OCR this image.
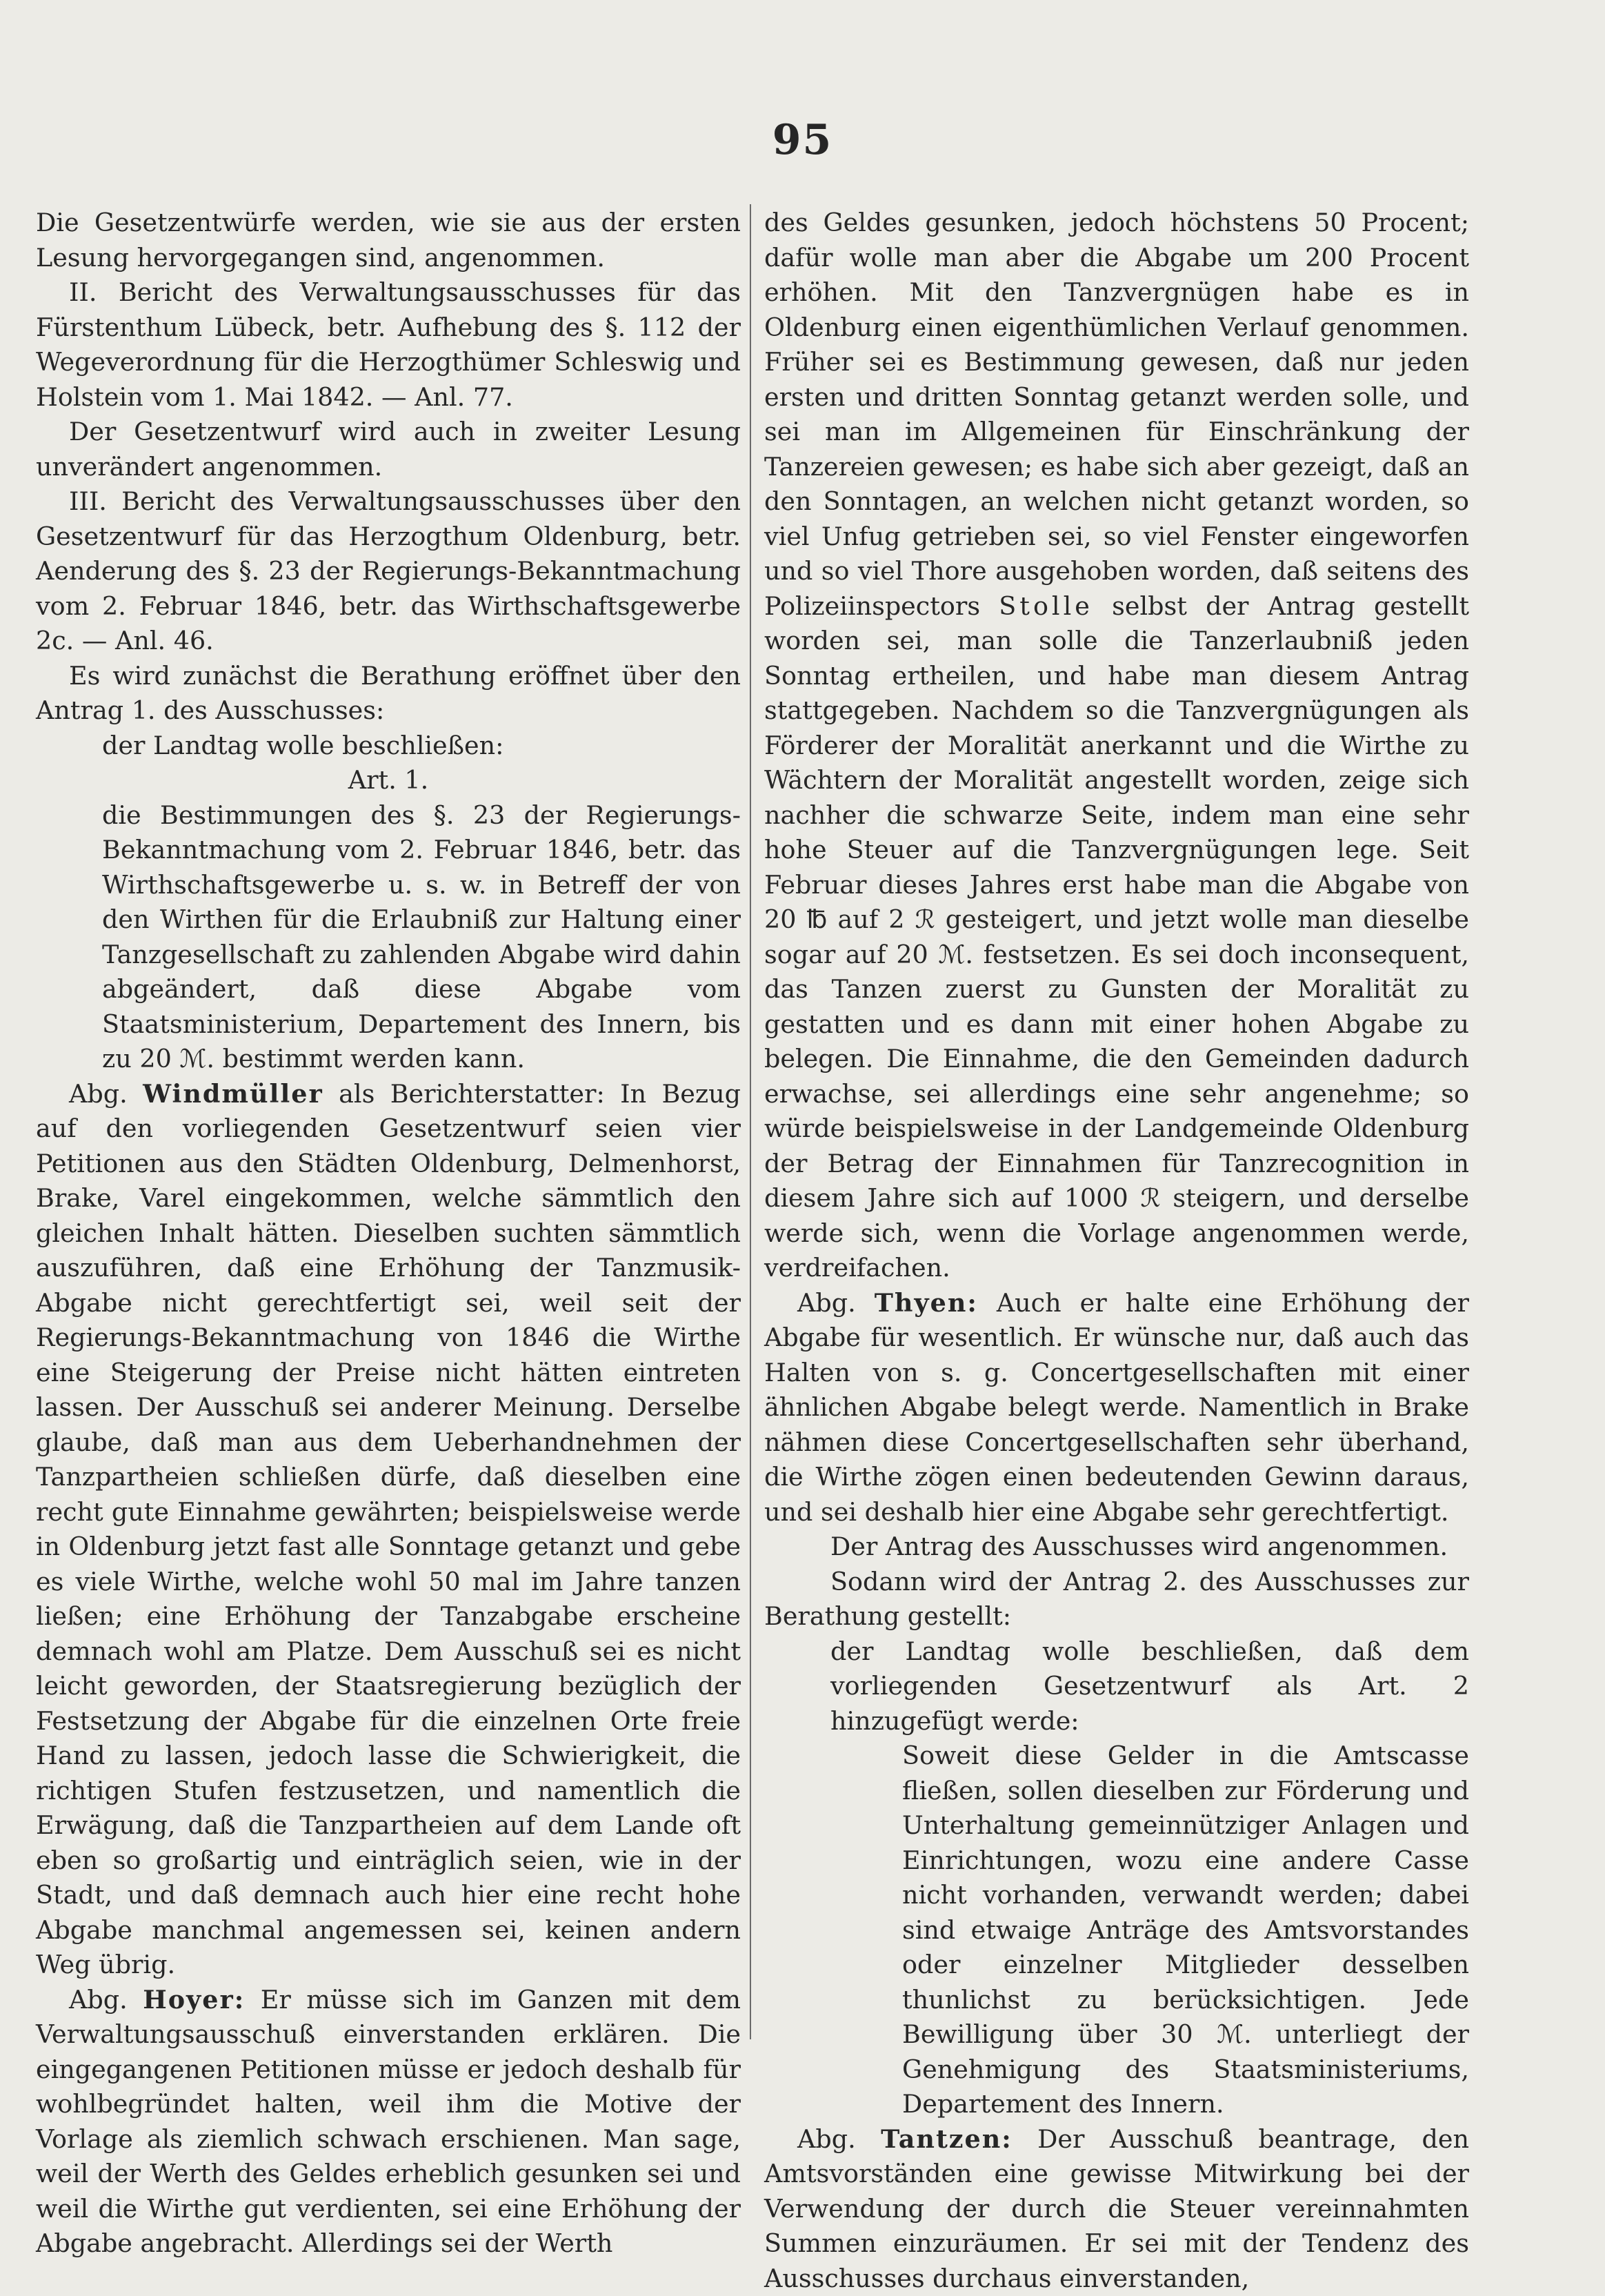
95

Die Gesetzentwürfe werden, wie sie aus der ersten Lesung hervorgegangen sind, angenommen.

II. Bericht des Verwaltungsausschusses für das Fürstenthum Lübeck, betr. Aufhebung des §. 112 der Wegeverordnung für die Herzogthümer Schleswig und Holstein vom 1. Mai 1842. — Anl. 77.

Der Gesetzentwurf wird auch in zweiter Lesung unverändert angenommen.

III. Bericht des Verwaltungsausschusses über den Gesetzentwurf für das Herzogthum Oldenburg, betr. Aenderung des §. 23 der Regierungs-Bekanntmachung vom 2. Februar 1846, betr. das Wirthschaftsgewerbe 2c. — Anl. 46.

Es wird zunächst die Berathung eröffnet über den Antrag 1. des Ausschusses:

der Landtag wolle beschließen:

Art. 1.

die Bestimmungen des §. 23 der Regierungs-Bekanntmachung vom 2. Februar 1846, betr. das Wirthschaftsgewerbe u. s. w. in Betreff der von den Wirthen für die Erlaubniß zur Haltung einer Tanzgesellschaft zu zahlenden Abgabe wird dahin abgeändert, daß diese Abgabe vom Staatsministerium, Departement des Innern, bis zu 20 ℳ. bestimmt werden kann.

Abg. Windmüller als Berichterstatter: In Bezug auf den vorliegenden Gesetzentwurf seien vier Petitionen aus den Städten Oldenburg, Delmenhorst, Brake, Varel eingekommen, welche sämmtlich den gleichen Inhalt hätten. Dieselben suchten sämmtlich auszuführen, daß eine Erhöhung der Tanzmusik-Abgabe nicht gerechtfertigt sei, weil seit der Regierungs-Bekanntmachung von 1846 die Wirthe eine Steigerung der Preise nicht hätten eintreten lassen. Der Ausschuß sei anderer Meinung. Derselbe glaube, daß man aus dem Ueberhandnehmen der Tanzpartheien schließen dürfe, daß dieselben eine recht gute Einnahme gewährten; beispielsweise werde in Oldenburg jetzt fast alle Sonntage getanzt und gebe es viele Wirthe, welche wohl 50 mal im Jahre tanzen ließen; eine Erhöhung der Tanzabgabe erscheine demnach wohl am Platze. Dem Ausschuß sei es nicht leicht geworden, der Staatsregierung bezüglich der Festsetzung der Abgabe für die einzelnen Orte freie Hand zu lassen, jedoch lasse die Schwierigkeit, die richtigen Stufen festzusetzen, und namentlich die Erwägung, daß die Tanzpartheien auf dem Lande oft eben so großartig und einträglich seien, wie in der Stadt, und daß demnach auch hier eine recht hohe Abgabe manchmal angemessen sei, keinen andern Weg übrig.

Abg. Hoyer: Er müsse sich im Ganzen mit dem Verwaltungsausschuß einverstanden erklären. Die eingegangenen Petitionen müsse er jedoch deshalb für wohlbegründet halten, weil ihm die Motive der Vorlage als ziemlich schwach erschienen. Man sage, weil der Werth des Geldes erheblich gesunken sei und weil die Wirthe gut verdienten, sei eine Erhöhung der Abgabe angebracht. Allerdings sei der Werth

des Geldes gesunken, jedoch höchstens 50 Procent; dafür wolle man aber die Abgabe um 200 Procent erhöhen. Mit den Tanzvergnügen habe es in Oldenburg einen eigenthümlichen Verlauf genommen. Früher sei es Bestimmung gewesen, daß nur jeden ersten und dritten Sonntag getanzt werden solle, und sei man im Allgemeinen für Einschränkung der Tanzereien gewesen; es habe sich aber gezeigt, daß an den Sonntagen, an welchen nicht getanzt worden, so viel Unfug getrieben sei, so viel Fenster eingeworfen und so viel Thore ausgehoben worden, daß seitens des Polizeiinspectors Stolle selbst der Antrag gestellt worden sei, man solle die Tanzerlaubniß jeden Sonntag ertheilen, und habe man diesem Antrag stattgegeben. Nachdem so die Tanzvergnügungen als Förderer der Moralität anerkannt und die Wirthe zu Wächtern der Moralität angestellt worden, zeige sich nachher die schwarze Seite, indem man eine sehr hohe Steuer auf die Tanzvergnügungen lege. Seit Februar dieses Jahres erst habe man die Abgabe von 20 ℔ auf 2 ℛ gesteigert, und jetzt wolle man dieselbe sogar auf 20 ℳ. festsetzen. Es sei doch inconsequent, das Tanzen zuerst zu Gunsten der Moralität zu gestatten und es dann mit einer hohen Abgabe zu belegen. Die Einnahme, die den Gemeinden dadurch erwachse, sei allerdings eine sehr angenehme; so würde beispielsweise in der Landgemeinde Oldenburg der Betrag der Einnahmen für Tanzrecognition in diesem Jahre sich auf 1000 ℛ steigern, und derselbe werde sich, wenn die Vorlage angenommen werde, verdreifachen.

Abg. Thyen: Auch er halte eine Erhöhung der Abgabe für wesentlich. Er wünsche nur, daß auch das Halten von s. g. Concertgesellschaften mit einer ähnlichen Abgabe belegt werde. Namentlich in Brake nähmen diese Concertgesellschaften sehr überhand, die Wirthe zögen einen bedeutenden Gewinn daraus, und sei deshalb hier eine Abgabe sehr gerechtfertigt.

Der Antrag des Ausschusses wird angenommen.

Sodann wird der Antrag 2. des Ausschusses zur Berathung gestellt:

der Landtag wolle beschließen, daß dem vorliegenden Gesetzentwurf als Art. 2 hinzugefügt werde:

Soweit diese Gelder in die Amtscasse fließen, sollen dieselben zur Förderung und Unterhaltung gemeinnütziger Anlagen und Einrichtungen, wozu eine andere Casse nicht vorhanden, verwandt werden; dabei sind etwaige Anträge des Amtsvorstandes oder einzelner Mitglieder desselben thunlichst zu berücksichtigen. Jede Bewilligung über 30 ℳ. unterliegt der Genehmigung des Staatsministeriums, Departement des Innern.

Abg. Tantzen: Der Ausschuß beantrage, den Amtsvorständen eine gewisse Mitwirkung bei der Verwendung der durch die Steuer vereinnahmten Summen einzuräumen. Er sei mit der Tendenz des Ausschusses durchaus einverstanden,
